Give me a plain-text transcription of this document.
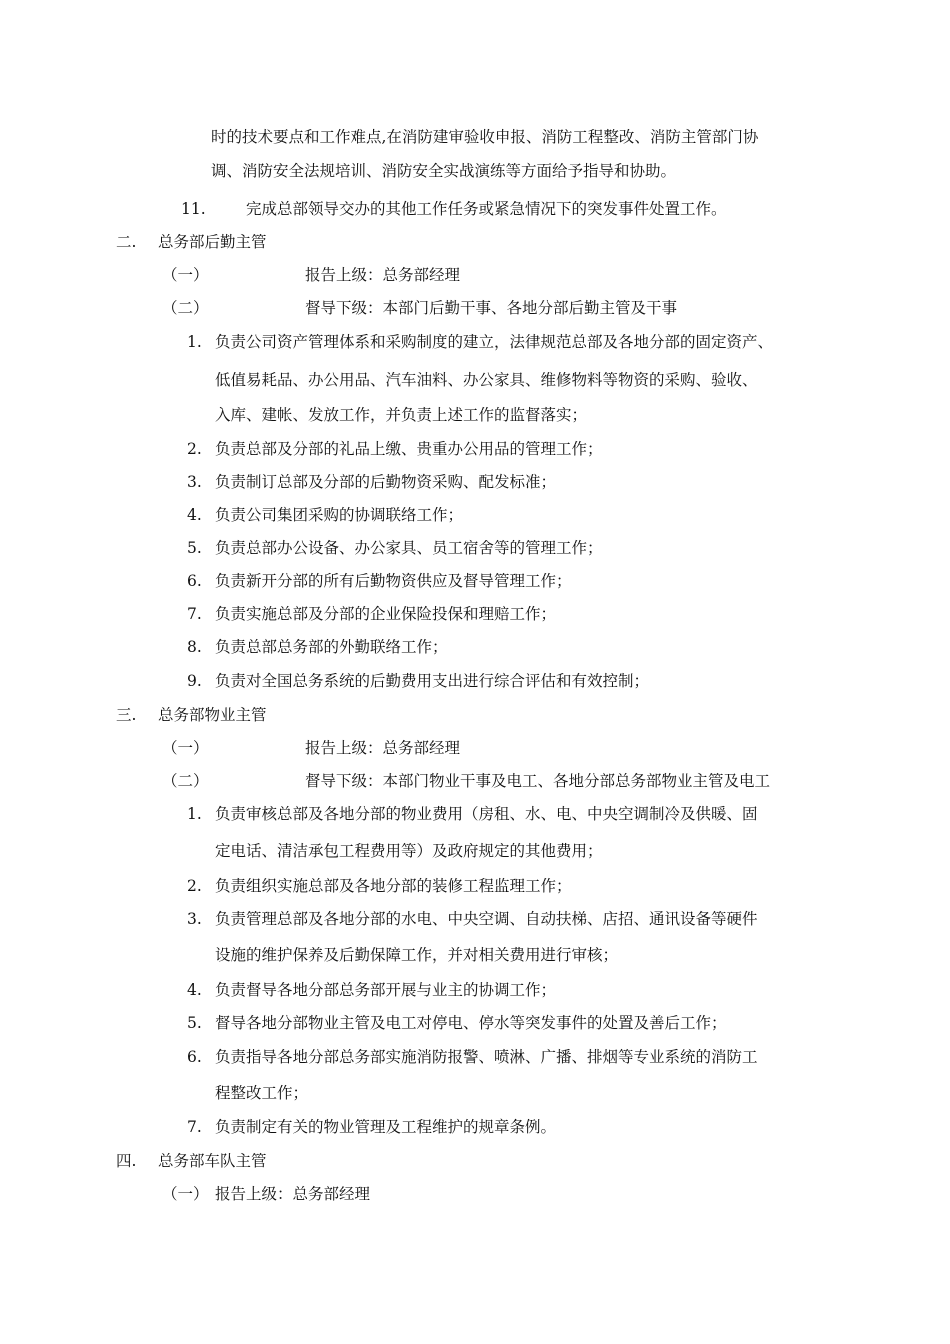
时的技术要点和工作难点,在消防建审验收申报、消防工程整改、消防主管部门协
调、消防安全法规培训、消防安全实战演练等方面给予指导和协助。
11.	完成总部领导交办的其他工作任务或紧急情况下的突发事件处置工作。
二. 总务部后勤主管
（一）	报告上级：总务部经理
（二）	督导下级：本部门后勤干事、各地分部后勤主管及干事
1. 负责公司资产管理体系和采购制度的建立，法律规范总部及各地分部的固定资产、
低值易耗品、办公用品、汽车油料、办公家具、维修物料等物资的采购、验收、
入库、建帐、发放工作，并负责上述工作的监督落实；
2. 负责总部及分部的礼品上缴、贵重办公用品的管理工作；
3. 负责制订总部及分部的后勤物资采购、配发标准；
4. 负责公司集团采购的协调联络工作；
5. 负责总部办公设备、办公家具、员工宿舍等的管理工作；
6. 负责新开分部的所有后勤物资供应及督导管理工作；
7. 负责实施总部及分部的企业保险投保和理赔工作；
8. 负责总部总务部的外勤联络工作；
9. 负责对全国总务系统的后勤费用支出进行综合评估和有效控制；
三. 总务部物业主管
（一）	报告上级：总务部经理
（二）	督导下级：本部门物业干事及电工、各地分部总务部物业主管及电工
1. 负责审核总部及各地分部的物业费用（房租、水、电、中央空调制冷及供暖、固
定电话、清洁承包工程费用等）及政府规定的其他费用；
2. 负责组织实施总部及各地分部的装修工程监理工作；
3. 负责管理总部及各地分部的水电、中央空调、自动扶梯、店招、通讯设备等硬件
设施的维护保养及后勤保障工作，并对相关费用进行审核；
4. 负责督导各地分部总务部开展与业主的协调工作；
5. 督导各地分部物业主管及电工对停电、停水等突发事件的处置及善后工作；
6. 负责指导各地分部总务部实施消防报警、喷淋、广播、排烟等专业系统的消防工
程整改工作；
7. 负责制定有关的物业管理及工程维护的规章条例。
四. 总务部车队主管
（一） 报告上级：总务部经理
